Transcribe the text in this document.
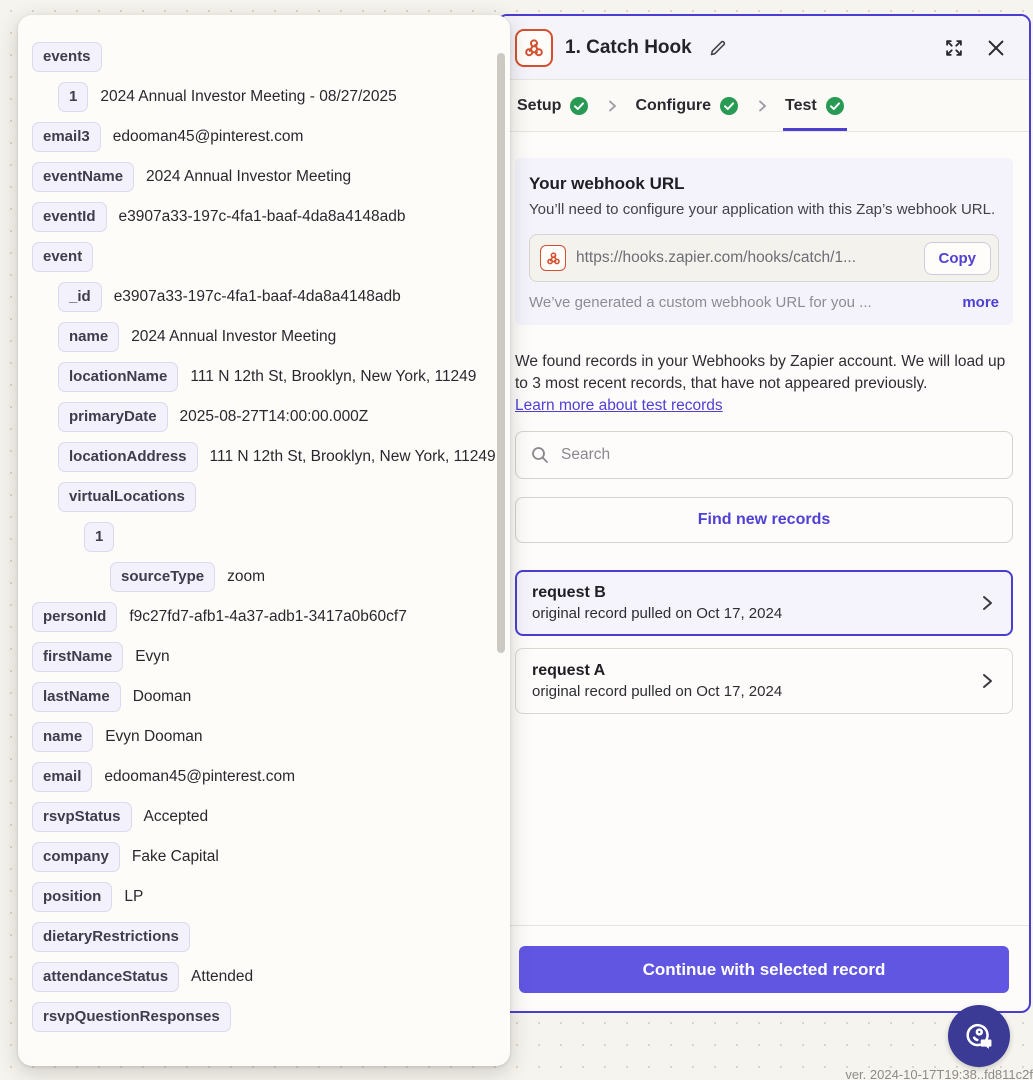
1. Catch Hook
Setup	Configure	Test
Your webhook URL
You’ll need to configure your application with this Zap’s webhook URL.
https://hooks.zapier.com/hooks/catch/1...	Copy
We’ve generated a custom webhook URL for you ...	more
We found records in your Webhooks by Zapier account. We will load up to 3 most recent records, that have not appeared previously.
Learn more about test records
Search
Find new records
request B
original record pulled on Oct 17, 2024
request A
original record pulled on Oct 17, 2024
Continue with selected record
events
1	2024 Annual Investor Meeting - 08/27/2025
email3	edooman45@pinterest.com
eventName	2024 Annual Investor Meeting
eventId	e3907a33-197c-4fa1-baaf-4da8a4148adb
event
_id	e3907a33-197c-4fa1-baaf-4da8a4148adb
name	2024 Annual Investor Meeting
locationName	111 N 12th St, Brooklyn, New York, 11249
primaryDate	2025-08-27T14:00:00.000Z
locationAddress	111 N 12th St, Brooklyn, New York, 11249
virtualLocations
1
sourceType	zoom
personId	f9c27fd7-afb1-4a37-adb1-3417a0b60cf7
firstName	Evyn
lastName	Dooman
name	Evyn Dooman
email	edooman45@pinterest.com
rsvpStatus	Accepted
company	Fake Capital
position	LP
dietaryRestrictions
attendanceStatus	Attended
rsvpQuestionResponses
ver. 2024-10-17T19:38..fd811c2f
